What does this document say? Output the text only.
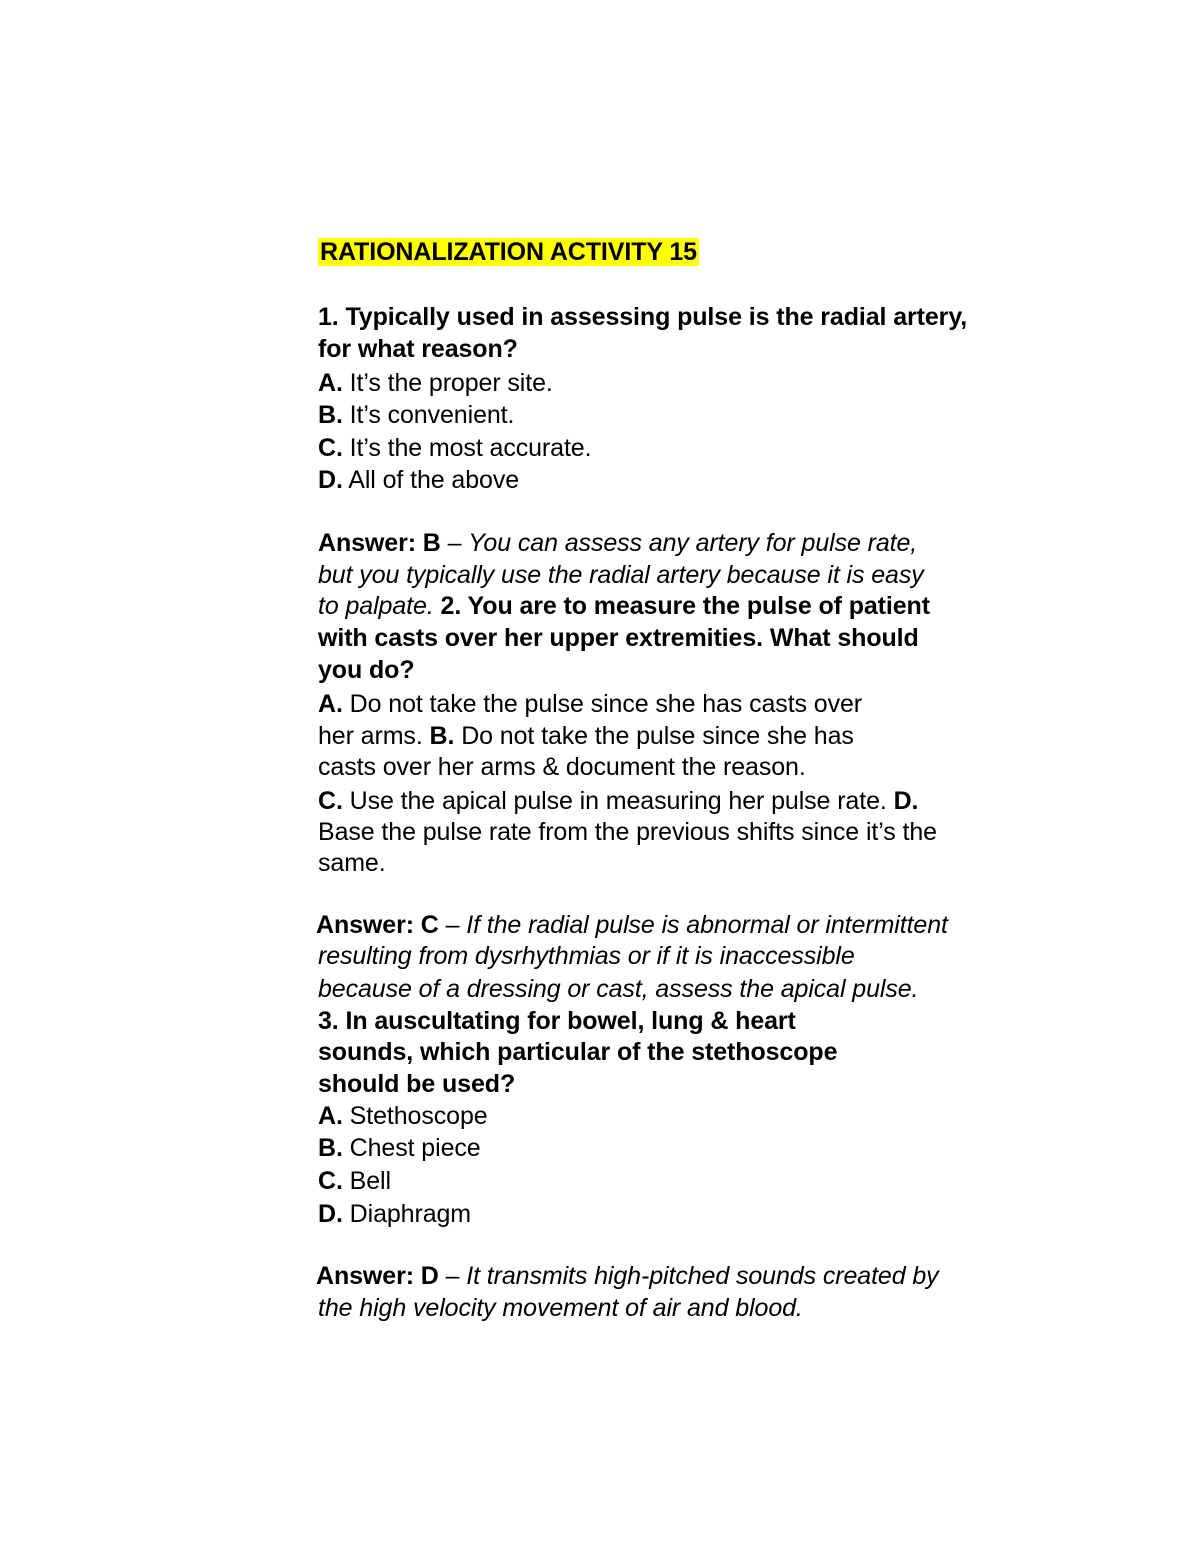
RATIONALIZATION ACTIVITY 15
1. Typically used in assessing pulse is the radial artery,
for what reason?
A. It’s the proper site.
B. It’s convenient.
C. It’s the most accurate.
D. All of the above
Answer: B – You can assess any artery for pulse rate,
but you typically use the radial artery because it is easy
to palpate. 2. You are to measure the pulse of patient
with casts over her upper extremities. What should
you do?
A. Do not take the pulse since she has casts over
her arms. B. Do not take the pulse since she has
casts over her arms & document the reason.
C. Use the apical pulse in measuring her pulse rate. D.
Base the pulse rate from the previous shifts since it’s the
same.
Answer: C – If the radial pulse is abnormal or intermittent
resulting from dysrhythmias or if it is inaccessible
because of a dressing or cast, assess the apical pulse.
3. In auscultating for bowel, lung & heart
sounds, which particular of the stethoscope
should be used?
A. Stethoscope
B. Chest piece
C. Bell
D. Diaphragm
Answer: D – It transmits high-pitched sounds created by
the high velocity movement of air and blood.
